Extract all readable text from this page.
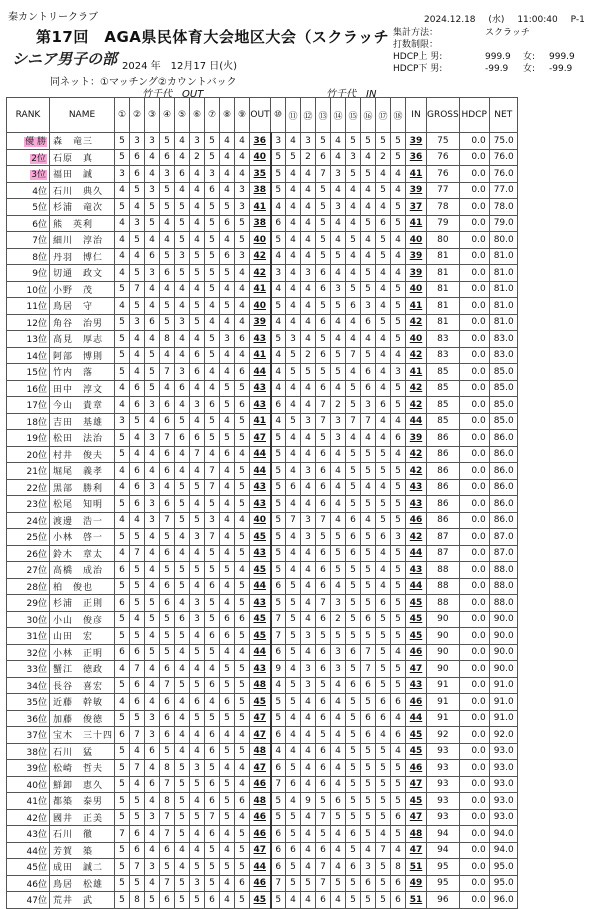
秦カントリークラブ
第17回　AGA県民体育大会地区大会（スクラッチ
シニア男子の部 2024 年　12月17 日(火)
同ネット：①マッチング②カウントバック
竹千代　OUT	竹千代　IN
2024.12.18 (水) 11:00:40 P-1
集計方法：	スクラッチ
打数制限：
HDCP上 男:	999.9 女: 999.9
HDCP下 男:	-99.9 女: -99.9
RANK	NAME	①	②	③	④	⑤	⑥	⑦	⑧	⑨	OUT	⑩	⑪	⑫	⑬	⑭	⑮	⑯	⑰	⑱	IN	GROSS	HDCP	NET
優 勝	森　竜三	5	3	3	5	4	3	5	4	4	36	3	4	3	5	4	5	5	5	5	39	75	0.0	75.0
2位	石原　真	5	6	4	6	4	2	5	4	4	40	5	5	2	6	4	3	4	2	5	36	76	0.0	76.0
3位	福田　誠	3	6	4	3	6	4	3	4	4	35	5	4	4	7	3	5	5	4	4	41	76	0.0	76.0
4位	石川　典久	4	5	3	5	4	4	6	4	3	38	5	4	4	5	4	4	4	5	4	39	77	0.0	77.0
5位	杉浦　竜次	5	4	5	5	5	4	5	5	3	41	4	4	4	5	3	4	4	4	5	37	78	0.0	78.0
6位	熊　英利	4	3	5	4	5	4	5	6	5	38	6	4	4	5	4	4	5	6	5	41	79	0.0	79.0
7位	細川　淳治	4	5	4	4	5	4	5	4	5	40	5	4	4	5	4	5	4	5	4	40	80	0.0	80.0
8位	丹羽　博仁	4	4	6	5	3	5	5	6	3	42	4	4	4	5	5	4	4	5	4	39	81	0.0	81.0
9位	切通　政文	4	5	3	6	5	5	5	5	4	42	3	4	3	6	4	4	5	4	4	39	81	0.0	81.0
10位	小野　茂	5	7	4	4	4	4	5	4	4	41	4	4	4	6	3	5	5	4	5	40	81	0.0	81.0
11位	鳥居　守	4	5	4	5	4	5	4	5	4	40	5	4	4	5	5	6	3	4	5	41	81	0.0	81.0
12位	角谷　治男	5	3	6	5	3	5	4	4	4	39	4	4	4	6	4	4	6	5	5	42	81	0.0	81.0
13位	高見　厚志	5	4	4	8	4	4	5	3	6	43	5	3	4	5	4	4	4	4	5	40	83	0.0	83.0
14位	阿部　博則	5	4	5	4	4	6	5	4	4	41	4	5	2	6	5	7	5	4	4	42	83	0.0	83.0
15位	竹内　落	5	4	5	7	3	6	4	4	6	44	4	5	5	5	5	4	6	4	3	41	85	0.0	85.0
16位	田中　淳文	4	6	5	4	6	4	4	5	5	43	4	4	4	6	4	5	6	4	5	42	85	0.0	85.0
17位	今山　貴章	4	6	3	6	4	3	6	5	6	43	6	4	4	7	2	5	3	6	5	42	85	0.0	85.0
18位	吉田　基雄	3	5	4	6	5	4	5	4	5	41	4	5	3	7	3	7	7	4	4	44	85	0.0	85.0
19位	松田　法治	5	4	3	7	6	6	5	5	5	47	5	4	4	5	3	4	4	4	6	39	86	0.0	86.0
20位	村井　俊夫	5	4	4	6	4	7	4	6	4	44	5	4	4	6	4	5	5	5	4	42	86	0.0	86.0
21位	堀尾　義孝	4	6	4	6	4	4	7	4	5	44	5	4	3	6	4	5	5	5	5	42	86	0.0	86.0
22位	黒部　勝利	4	6	3	4	5	5	7	4	5	43	5	6	4	6	4	5	4	4	5	43	86	0.0	86.0
23位	松尾　知明	5	6	3	6	5	4	5	4	5	43	5	4	4	6	4	5	5	5	5	43	86	0.0	86.0
24位	渡邊　浩一	4	4	3	7	5	5	3	4	4	40	5	7	3	7	4	6	4	5	5	46	86	0.0	86.0
25位	小林　啓一	5	5	4	5	4	3	7	4	5	45	5	4	3	5	5	6	5	6	3	42	87	0.0	87.0
26位	鈴木　章太	4	7	4	6	4	4	5	4	5	43	5	4	4	6	5	6	5	4	5	44	87	0.0	87.0
27位	高橋　成治	6	5	4	5	5	5	5	5	4	45	5	4	4	6	5	5	5	4	5	43	88	0.0	88.0
28位	柏　俊也	5	5	4	6	5	4	6	4	5	44	6	5	4	6	4	5	5	4	5	44	88	0.0	88.0
29位	杉浦　正則	6	5	5	6	4	3	5	4	5	43	5	5	4	7	3	5	5	6	5	45	88	0.0	88.0
30位	小山　俊彦	5	4	5	5	6	3	5	6	6	45	7	5	4	6	2	5	6	5	5	45	90	0.0	90.0
31位	山田　宏	5	5	4	5	5	4	6	6	5	45	7	5	3	5	5	5	5	5	5	45	90	0.0	90.0
32位	小林　正明	6	6	5	5	4	5	5	4	4	44	6	5	4	6	3	6	7	5	4	46	90	0.0	90.0
33位	蟹江　徳政	4	7	4	6	4	4	4	5	5	43	9	4	3	6	3	5	7	5	5	47	90	0.0	90.0
34位	長谷　喜宏	5	6	4	7	5	5	6	5	5	48	4	5	3	5	4	6	6	5	5	43	91	0.0	91.0
35位	近藤　幹敏	4	6	4	6	4	6	4	6	5	45	5	5	4	6	4	5	5	6	6	46	91	0.0	91.0
36位	加藤　俊徳	5	5	3	6	4	5	5	5	5	47	5	4	4	6	4	5	6	6	4	44	91	0.0	91.0
37位	宝木　三十四	6	7	3	6	4	4	6	4	4	47	6	4	4	5	4	5	6	4	6	45	92	0.0	92.0
38位	石川　猛	5	4	6	5	4	4	6	5	5	48	4	4	4	6	4	5	5	5	4	45	93	0.0	93.0
39位	松崎　哲夫	5	7	4	8	5	3	5	4	4	47	6	5	4	6	4	5	5	5	5	46	93	0.0	93.0
40位	鮮卸　恵久	5	4	6	7	5	5	6	5	4	46	7	6	4	6	4	5	5	5	5	47	93	0.0	93.0
41位	都築　泰男	5	5	4	8	5	4	6	5	6	48	5	4	9	5	6	5	5	5	5	45	93	0.0	93.0
42位	國井　正美	5	5	3	7	5	5	7	5	4	46	5	5	4	7	5	5	5	5	6	47	93	0.0	93.0
43位	石川　徹	7	6	4	7	5	4	6	4	5	46	6	5	4	5	4	6	5	4	5	48	94	0.0	94.0
44位	芳賀　築	5	6	4	6	4	4	5	4	5	47	6	6	4	6	4	5	4	7	4	47	94	0.0	94.0
45位	成田　誠二	5	7	3	5	4	5	5	5	5	44	6	5	4	7	4	6	3	5	8	51	95	0.0	95.0
46位	鳥居　松雄	5	5	4	7	5	3	5	4	6	46	7	5	5	7	5	5	6	5	6	49	95	0.0	95.0
47位	荒井　武	5	8	5	6	5	5	6	4	5	45	5	4	4	6	4	5	5	5	6	51	96	0.0	96.0
